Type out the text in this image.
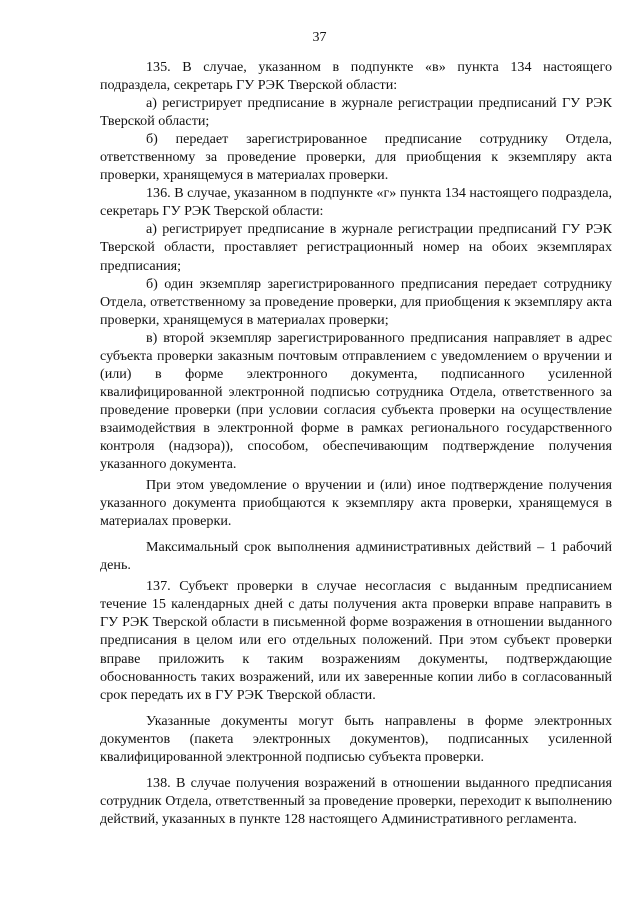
37

135. В случае, указанном в подпункте «в» пункта 134 настоящего подраздела, секретарь ГУ РЭК Тверской области:

а) регистрирует предписание в журнале регистрации предписаний ГУ РЭК Тверской области;

б) передает зарегистрированное предписание сотруднику Отдела, ответственному за проведение проверки, для приобщения к экземпляру акта проверки, хранящемуся в материалах проверки.

136. В случае, указанном в подпункте «г» пункта 134 настоящего подраздела, секретарь ГУ РЭК Тверской области:

а) регистрирует предписание в журнале регистрации предписаний ГУ РЭК Тверской области, проставляет регистрационный номер на обоих экземплярах предписания;

б) один экземпляр зарегистрированного предписания передает сотруднику Отдела, ответственному за проведение проверки, для приобщения к экземпляру акта проверки, хранящемуся в материалах проверки;

в) второй экземпляр зарегистрированного предписания направляет в адрес субъекта проверки заказным почтовым отправлением с уведомлением о вручении и (или) в форме электронного документа, подписанного усиленной квалифицированной электронной подписью сотрудника Отдела, ответственного за проведение проверки (при условии согласия субъекта проверки на осуществление взаимодействия в электронной форме в рамках регионального государственного контроля (надзора)), способом, обеспечивающим подтверждение получения указанного документа.

При этом уведомление о вручении и (или) иное подтверждение получения указанного документа приобщаются к экземпляру акта проверки, хранящемуся в материалах проверки.

Максимальный срок выполнения административных действий – 1 рабочий день.

137. Субъект проверки в случае несогласия с выданным предписанием течение 15 календарных дней с даты получения акта проверки вправе направить в ГУ РЭК Тверской области в письменной форме возражения в отношении выданного предписания в целом или его отдельных положений. При этом субъект проверки вправе приложить к таким возражениям документы, подтверждающие обоснованность таких возражений, или их заверенные копии либо в согласованный срок передать их в ГУ РЭК Тверской области.

Указанные документы могут быть направлены в форме электронных документов (пакета электронных документов), подписанных усиленной квалифицированной электронной подписью субъекта проверки.

138. В случае получения возражений в отношении выданного предписания сотрудник Отдела, ответственный за проведение проверки, переходит к выполнению действий, указанных в пункте 128 настоящего Административного регламента.
